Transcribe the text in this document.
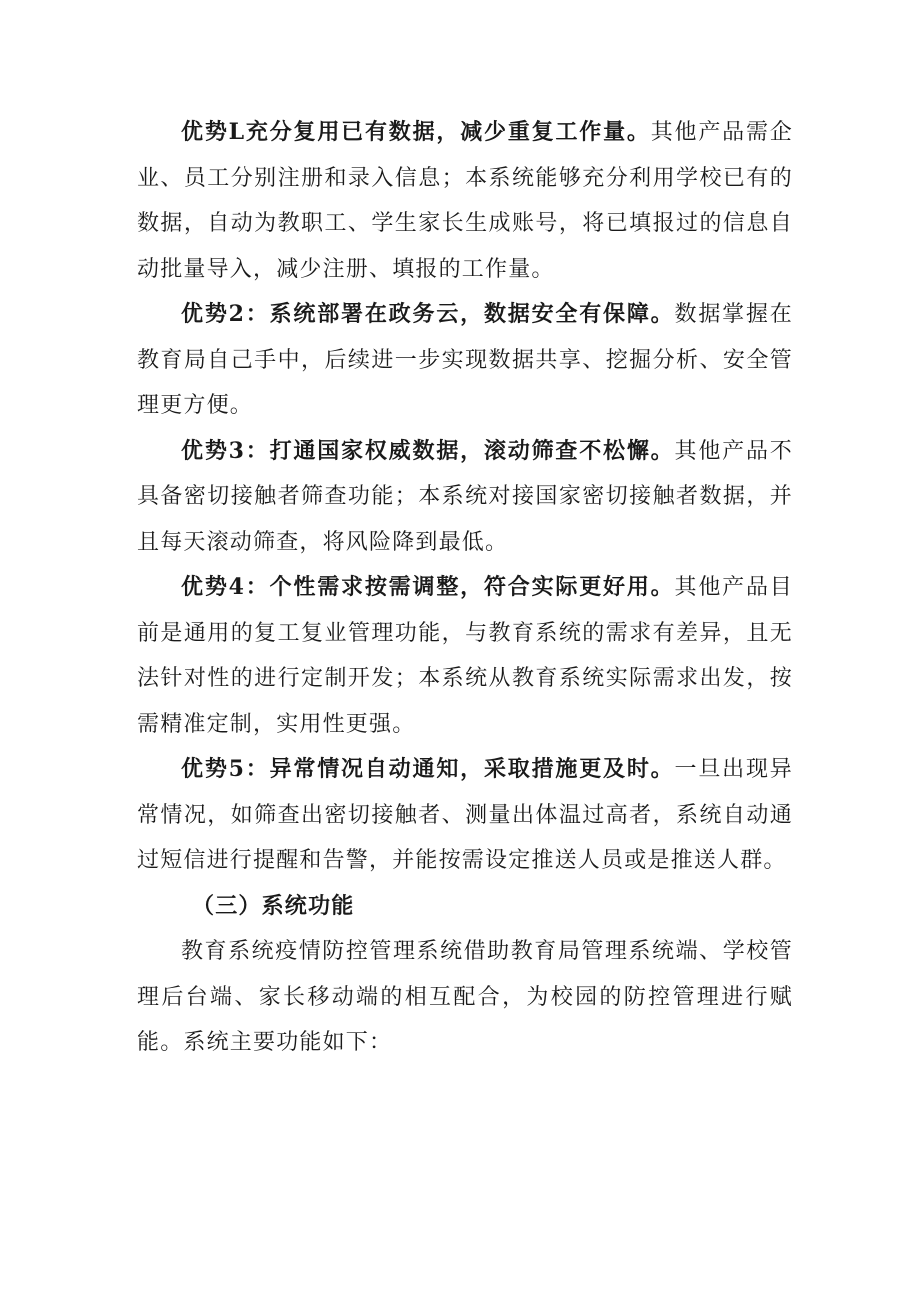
优势L充分复用已有数据，减少重复工作量。其他产品需企业、员工分别注册和录入信息；本系统能够充分利用学校已有的数据，自动为教职工、学生家长生成账号，将已填报过的信息自动批量导入，减少注册、填报的工作量。

优势2：系统部署在政务云，数据安全有保障。数据掌握在教育局自己手中，后续进一步实现数据共享、挖掘分析、安全管理更方便。

优势3：打通国家权威数据，滚动筛查不松懈。其他产品不具备密切接触者筛查功能；本系统对接国家密切接触者数据，并且每天滚动筛查，将风险降到最低。

优势4：个性需求按需调整，符合实际更好用。其他产品目前是通用的复工复业管理功能，与教育系统的需求有差异，且无法针对性的进行定制开发；本系统从教育系统实际需求出发，按需精准定制，实用性更强。

优势5：异常情况自动通知，采取措施更及时。一旦出现异常情况，如筛查出密切接触者、测量出体温过高者，系统自动通过短信进行提醒和告警，并能按需设定推送人员或是推送人群。

（三）系统功能

教育系统疫情防控管理系统借助教育局管理系统端、学校管理后台端、家长移动端的相互配合，为校园的防控管理进行赋能。系统主要功能如下：
